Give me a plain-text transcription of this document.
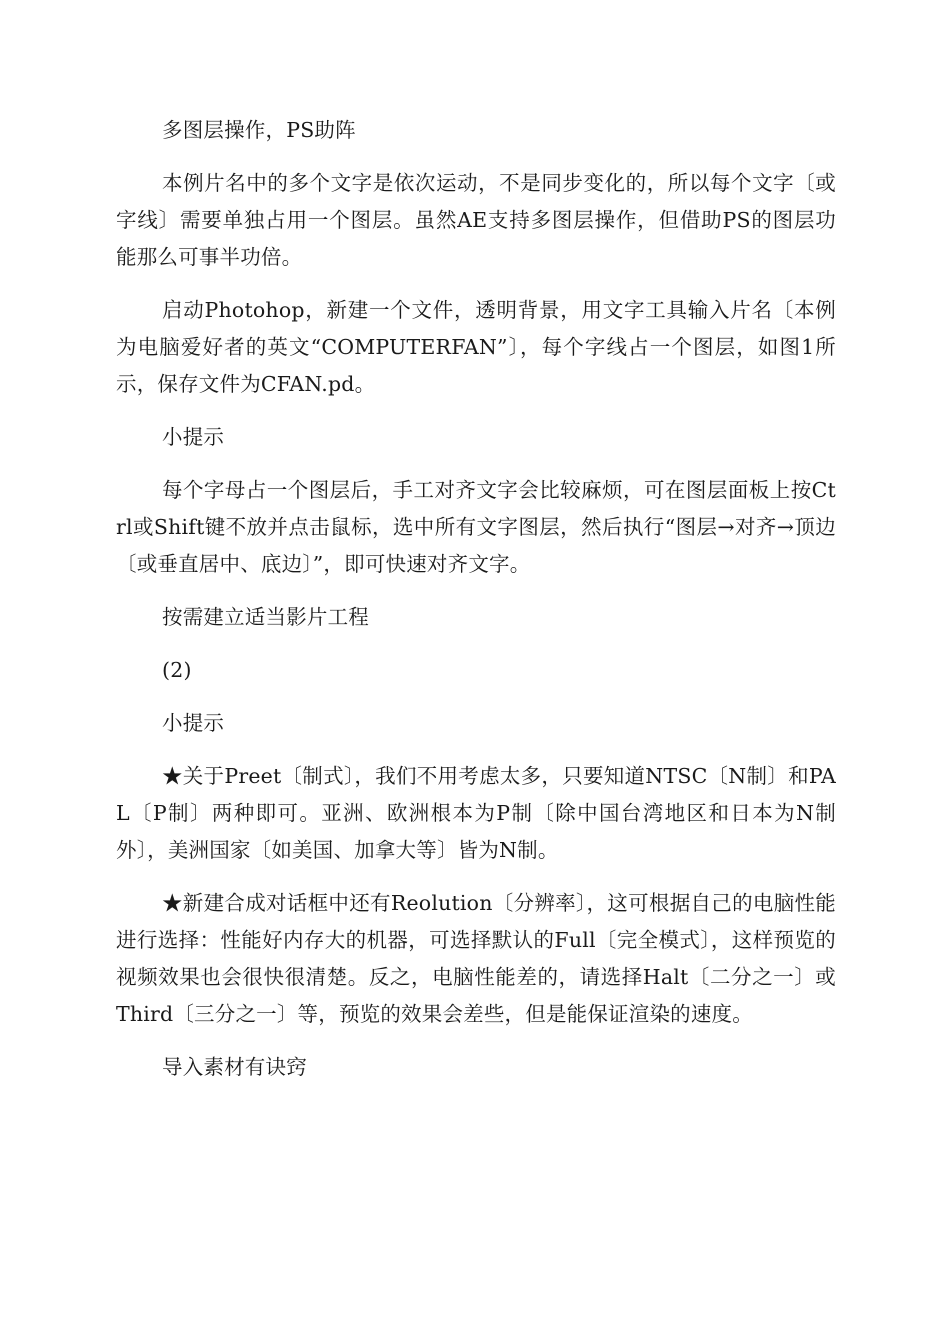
多图层操作，PS助阵

本例片名中的多个文字是依次运动，不是同步变化的，所以每个文字〔或字线〕需要单独占用一个图层。虽然AE支持多图层操作，但借助PS的图层功能那么可事半功倍。

启动Photohop，新建一个文件，透明背景，用文字工具输入片名〔本例为电脑爱好者的英文“COMPUTERFAN”〕，每个字线占一个图层，如图1所示，保存文件为CFAN.pd。

小提示

每个字母占一个图层后，手工对齐文字会比较麻烦，可在图层面板上按Ctrl或Shift键不放并点击鼠标，选中所有文字图层，然后执行“图层→对齐→顶边〔或垂直居中、底边〕”，即可快速对齐文字。

按需建立适当影片工程

(2)

小提示

★关于Preet〔制式〕，我们不用考虑太多，只要知道NTSC〔N制〕和PAL〔P制〕两种即可。亚洲、欧洲根本为P制〔除中国台湾地区和日本为N制外〕，美洲国家〔如美国、加拿大等〕皆为N制。

★新建合成对话框中还有Reolution〔分辨率〕，这可根据自己的电脑性能进行选择：性能好内存大的机器，可选择默认的Full〔完全模式〕，这样预览的视频效果也会很快很清楚。反之，电脑性能差的，请选择Halt〔二分之一〕或Third〔三分之一〕等，预览的效果会差些，但是能保证渲染的速度。

导入素材有诀窍
